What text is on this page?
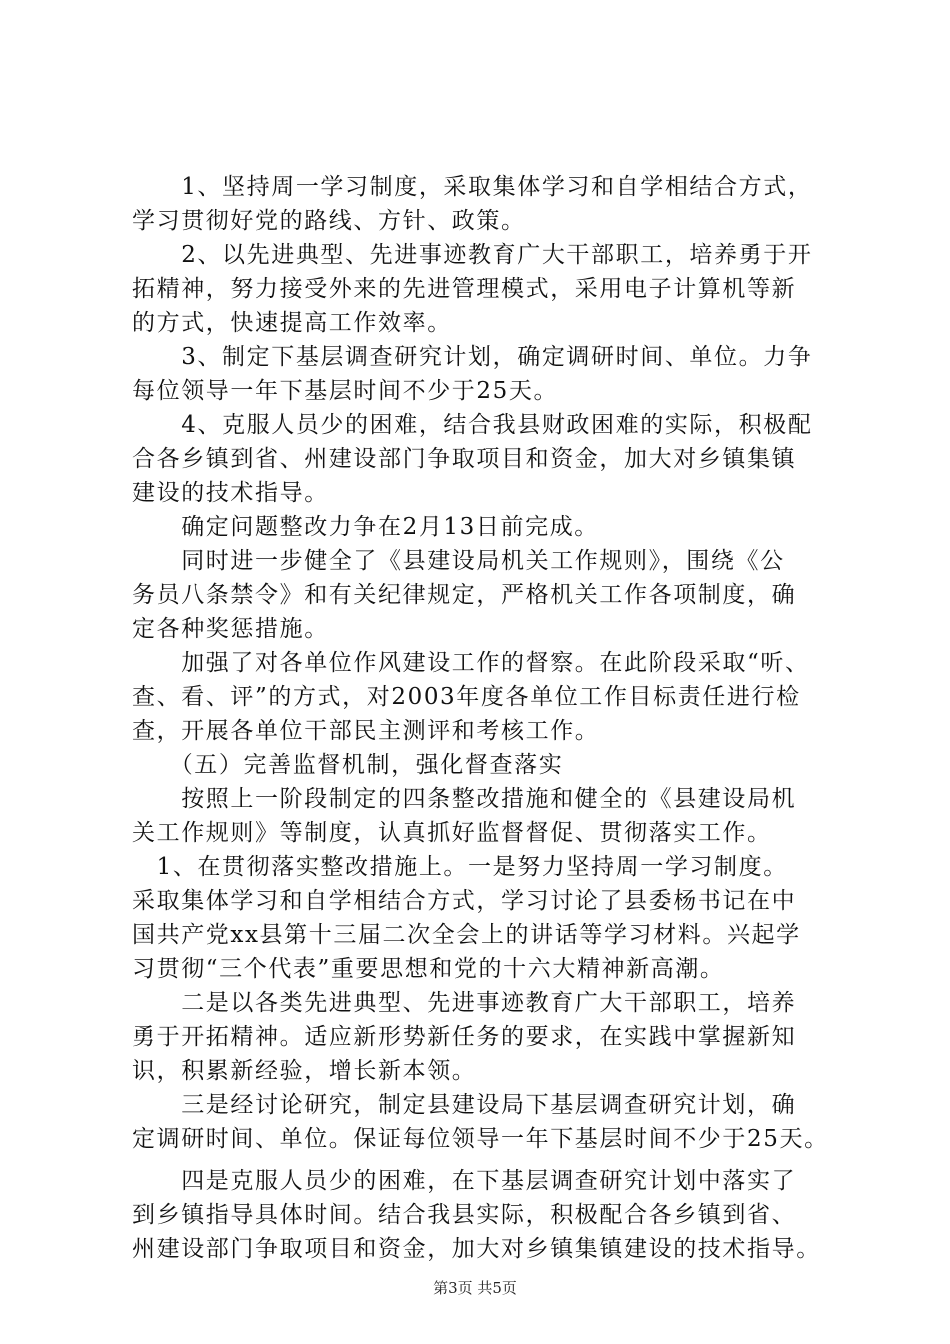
　　1、坚持周一学习制度，采取集体学习和自学相结合方式，
学习贯彻好党的路线、方针、政策。

　　2、以先进典型、先进事迹教育广大干部职工，培养勇于开
拓精神，努力接受外来的先进管理模式，采用电子计算机等新
的方式，快速提高工作效率。

　　3、制定下基层调查研究计划，确定调研时间、单位。力争
每位领导一年下基层时间不少于25天。

　　4、克服人员少的困难，结合我县财政困难的实际，积极配
合各乡镇到省、州建设部门争取项目和资金，加大对乡镇集镇
建设的技术指导。

　　确定问题整改力争在2月13日前完成。

　　同时进一步健全了《县建设局机关工作规则》，围绕《公
务员八条禁令》和有关纪律规定，严格机关工作各项制度，确
定各种奖惩措施。

　　加强了对各单位作风建设工作的督察。在此阶段采取“听、
查、看、评”的方式，对2003年度各单位工作目标责任进行检
查，开展各单位干部民主测评和考核工作。

　　（五）完善监督机制，强化督查落实

　　按照上一阶段制定的四条整改措施和健全的《县建设局机
关工作规则》等制度，认真抓好监督督促、贯彻落实工作。

　1、在贯彻落实整改措施上。一是努力坚持周一学习制度。
采取集体学习和自学相结合方式，学习讨论了县委杨书记在中
国共产党xx县第十三届二次全会上的讲话等学习材料。兴起学
习贯彻“三个代表”重要思想和党的十六大精神新高潮。

　　二是以各类先进典型、先进事迹教育广大干部职工，培养
勇于开拓精神。适应新形势新任务的要求，在实践中掌握新知
识，积累新经验，增长新本领。

　　三是经讨论研究，制定县建设局下基层调查研究计划，确
定调研时间、单位。保证每位领导一年下基层时间不少于25天。

　　四是克服人员少的困难，在下基层调查研究计划中落实了
到乡镇指导具体时间。结合我县实际，积极配合各乡镇到省、
州建设部门争取项目和资金，加大对乡镇集镇建设的技术指导。

第3页 共5页
